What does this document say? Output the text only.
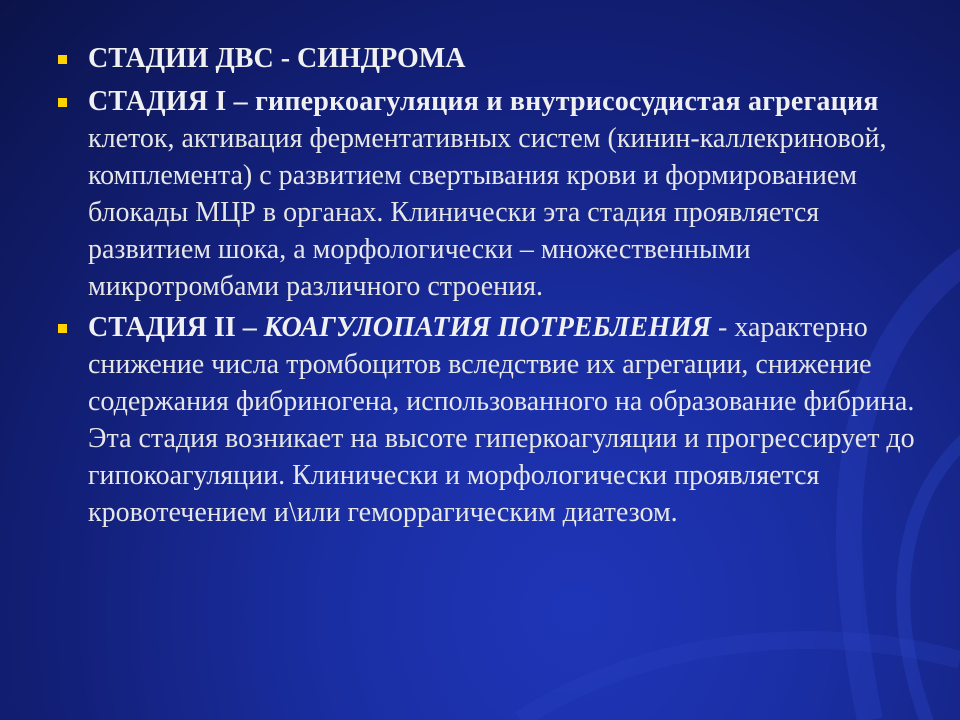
СТАДИИ ДВС - СИНДРОМА
СТАДИЯ I – гиперкоагуляция и внутрисосудистая агрегация клеток, активация ферментативных систем (кинин-каллекриновой, комплемента) с развитием свертывания крови и формированием блокады МЦР в органах. Клинически эта стадия проявляется развитием шока, а морфологически – множественными микротромбами различного строения.
СТАДИЯ II – КОАГУЛОПАТИЯ ПОТРЕБЛЕНИЯ - характерно снижение числа тромбоцитов вследствие их агрегации, снижение содержания фибриногена, использованного на образование фибрина. Эта стадия возникает на высоте гиперкоагуляции и прогрессирует до гипокоагуляции. Клинически и морфологически проявляется кровотечением и\или геморрагическим диатезом.
